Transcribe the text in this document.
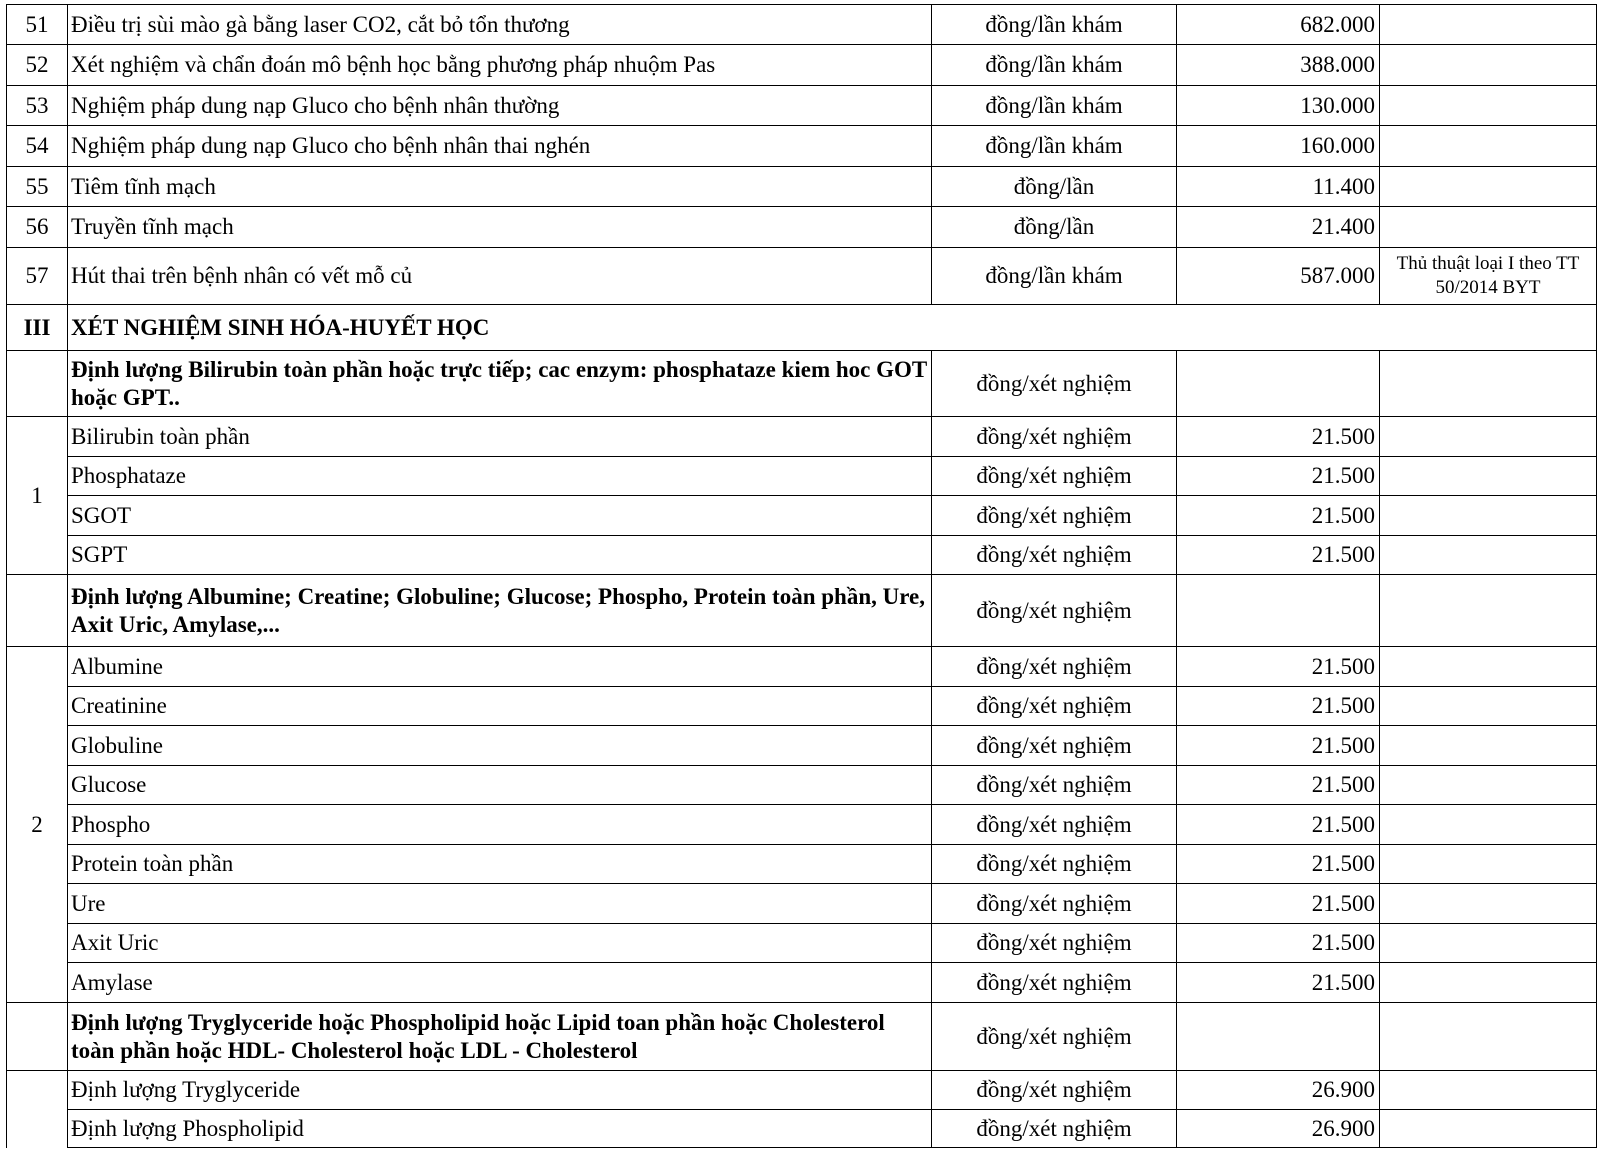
51	Điều trị sùi mào gà bằng laser CO2, cắt bỏ tổn thương	đồng/lần khám	682.000	
52	Xét nghiệm và chẩn đoán mô bệnh học bằng phương pháp nhuộm Pas	đồng/lần khám	388.000	
53	Nghiệm pháp dung nạp Gluco cho bệnh nhân thường	đồng/lần khám	130.000	
54	Nghiệm pháp dung nạp Gluco cho bệnh nhân thai nghén	đồng/lần khám	160.000	
55	Tiêm tĩnh mạch	đồng/lần	11.400	
56	Truyền tĩnh mạch	đồng/lần	21.400	
57	Hút thai trên bệnh nhân có vết mỗ củ	đồng/lần khám	587.000	Thủ thuật loại I theo TT 50/2014 BYT
III	XÉT NGHIỆM SINH HÓA-HUYẾT HỌC			
	Định lượng Bilirubin toàn phần hoặc trực tiếp; cac enzym: phosphataze kiem hoc GOT hoặc GPT..	đồng/xét nghiệm		
1	Bilirubin toàn phần	đồng/xét nghiệm	21.500	
	Phosphataze	đồng/xét nghiệm	21.500	
	SGOT	đồng/xét nghiệm	21.500	
	SGPT	đồng/xét nghiệm	21.500	
	Định lượng Albumine; Creatine; Globuline; Glucose; Phospho, Protein toàn phần, Ure, Axit Uric, Amylase,...	đồng/xét nghiệm		
2	Albumine	đồng/xét nghiệm	21.500	
	Creatinine	đồng/xét nghiệm	21.500	
	Globuline	đồng/xét nghiệm	21.500	
	Glucose	đồng/xét nghiệm	21.500	
	Phospho	đồng/xét nghiệm	21.500	
	Protein toàn phần	đồng/xét nghiệm	21.500	
	Ure	đồng/xét nghiệm	21.500	
	Axit Uric	đồng/xét nghiệm	21.500	
	Amylase	đồng/xét nghiệm	21.500	
	Định lượng Tryglyceride hoặc Phospholipid hoặc Lipid toan phần hoặc Cholesterol toàn phần hoặc HDL- Cholesterol hoặc LDL - Cholesterol	đồng/xét nghiệm		
	Định lượng Tryglyceride	đồng/xét nghiệm	26.900	
	Định lượng Phospholipid	đồng/xét nghiệm	26.900	
